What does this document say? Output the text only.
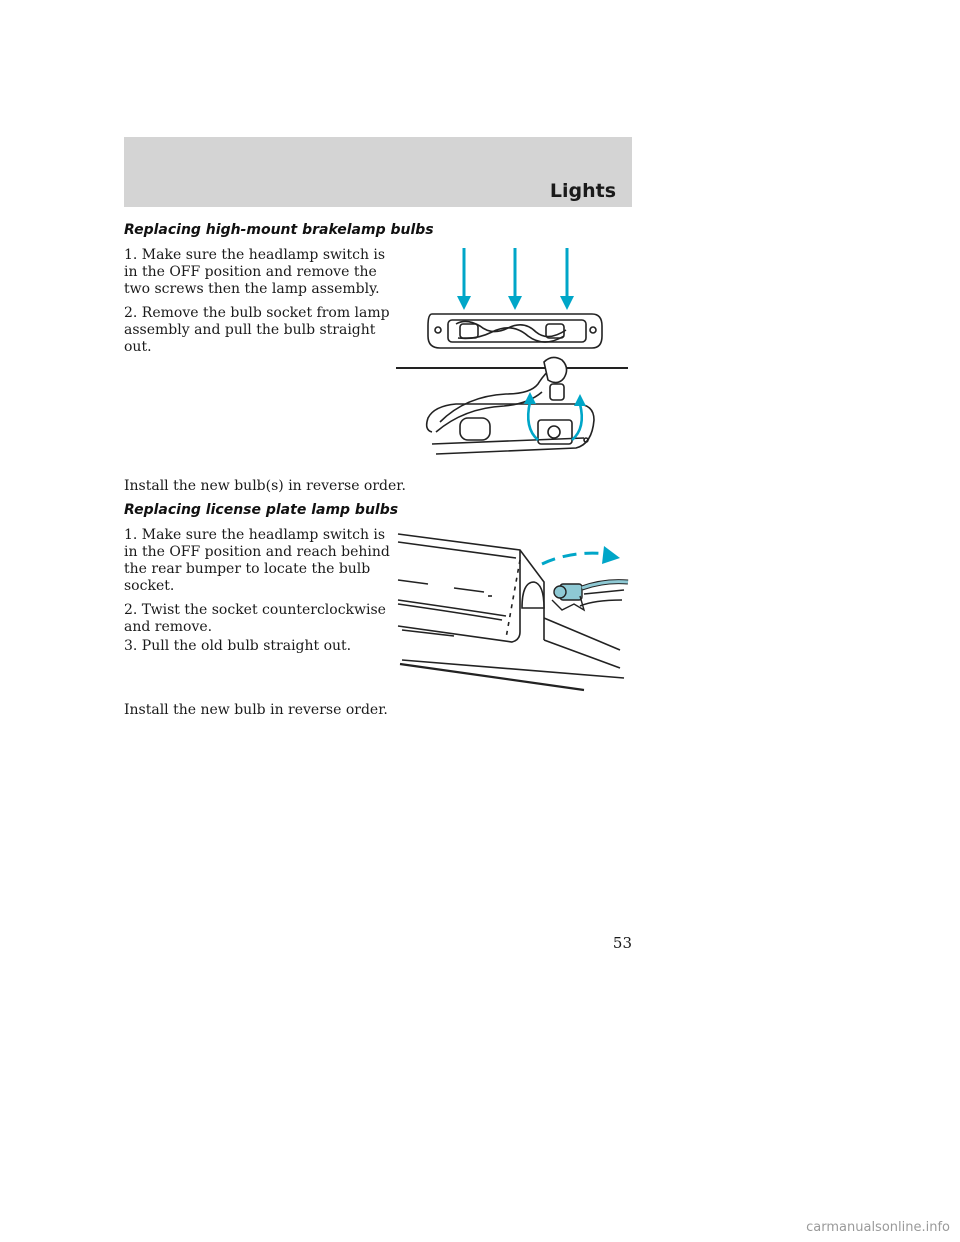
Lights
Replacing high-mount brakelamp bulbs
1. Make sure the headlamp switch is in the OFF position and remove the two screws then the lamp assembly.
2. Remove the bulb socket from lamp assembly and pull the bulb straight out.
Install the new bulb(s) in reverse order.
Replacing license plate lamp bulbs
1. Make sure the headlamp switch is in the OFF position and reach behind the rear bumper to locate the bulb socket.
2. Twist the socket counterclockwise and remove.
3. Pull the old bulb straight out.
Install the new bulb in reverse order.
53
carmanualsonline.info
